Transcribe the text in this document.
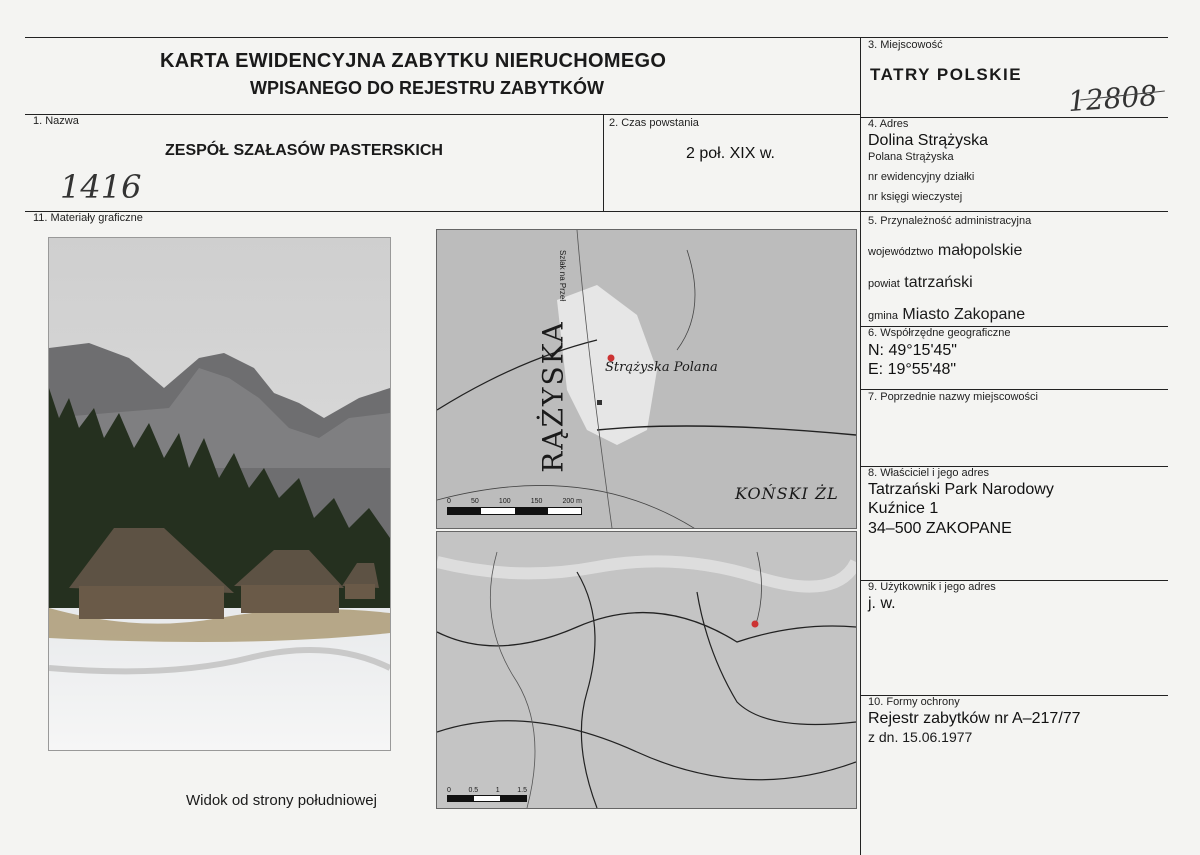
KARTA EWIDENCYJNA ZABYTKU NIERUCHOMEGO
WPISANEGO DO REJESTRU ZABYTKÓW
3. Miejscowość
TATRY POLSKIE
12808
1. Nazwa
ZESPÓŁ SZAŁASÓW PASTERSKICH
1416
2. Czas powstania
2 poł. XIX w.
4. Adres
Dolina Strążyska
Polana Strążyska
nr ewidencyjny działki
nr księgi wieczystej
5. Przynależność administracyjna
województwo małopolskie
powiat tatrzański
gmina Miasto Zakopane
6. Współrzędne geograficzne
N: 49°15'45"
E: 19°55'48"
7. Poprzednie nazwy miejscowości
8. Właściciel i jego adres
Tatrzański Park Narodowy
Kuźnice 1
34–500 ZAKOPANE
9. Użytkownik i jego adres
j. w.
10. Formy ochrony
Rejestr zabytków nr A–217/77
z dn. 15.06.1977
11. Materiały graficzne
Widok od strony południowej
Strążyska Polana
RĄŻYSKA
KOŃSKI ŻL
Szlak na Przeł
0	50	100	150	200 m
0	0.5	1	1.5
